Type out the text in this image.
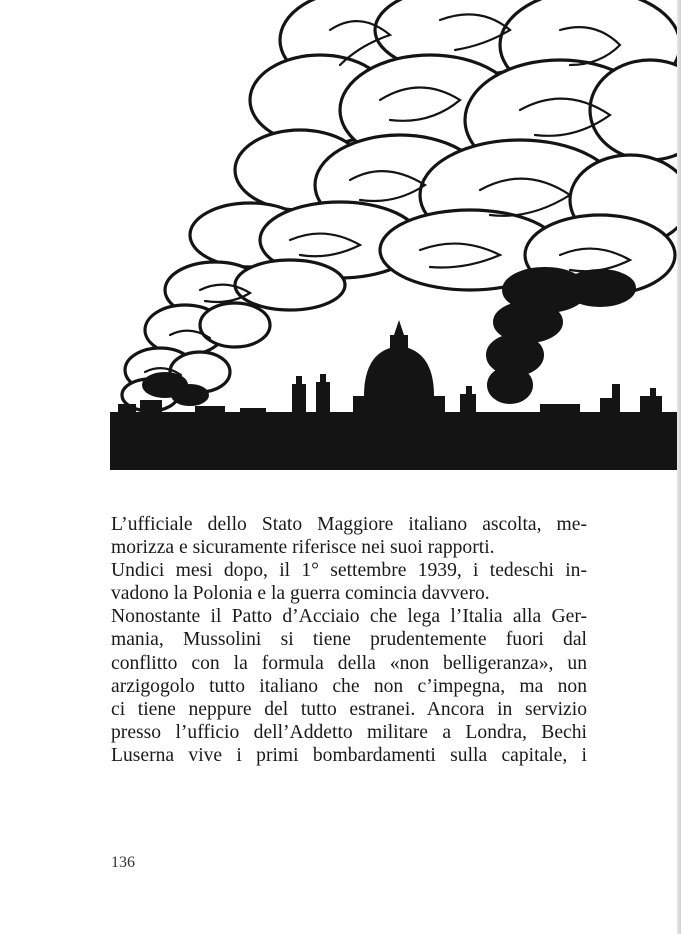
L’ufficiale dello Stato Maggiore italiano ascolta, me-
morizza e sicuramente riferisce nei suoi rapporti.
Undici mesi dopo, il 1° settembre 1939, i tedeschi in-
vadono la Polonia e la guerra comincia davvero.
Nonostante il Patto d’Acciaio che lega l’Italia alla Ger-
mania, Mussolini si tiene prudentemente fuori dal
conflitto con la formula della «non belligeranza», un
arzigogolo tutto italiano che non c’impegna, ma non
ci tiene neppure del tutto estranei. Ancora in servizio
presso l’ufficio dell’Addetto militare a Londra, Bechi
Luserna vive i primi bombardamenti sulla capitale, i
136
